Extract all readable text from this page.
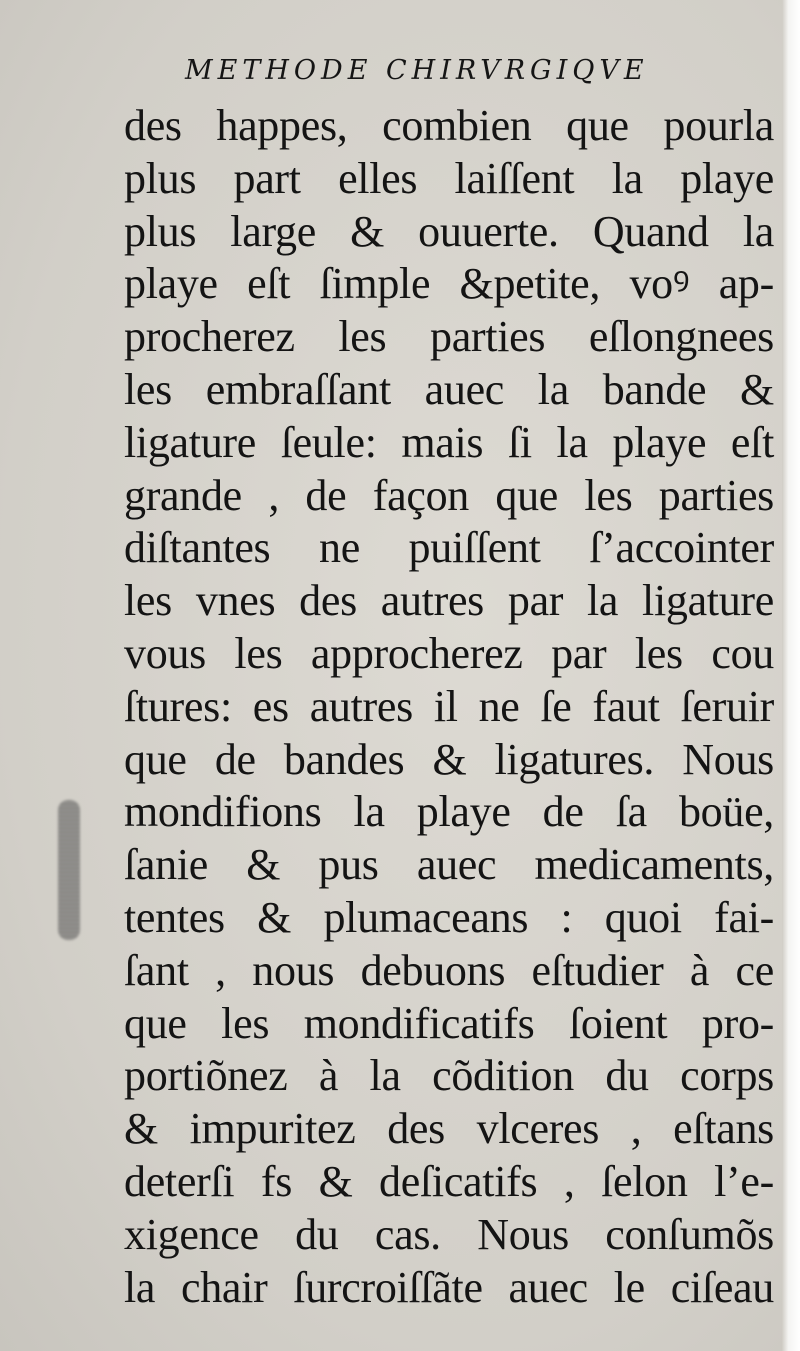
METHODE CHIRVRGIQVE
des happes, combien que pourla
plus part elles laiſſent la playe
plus large & ouuerte. Quand la
playe eſt ſimple &petite, voꝰ ap-
procherez les parties eſlongnees
les embraſſant auec la bande &
ligature ſeule: mais ſi la playe eſt
grande , de façon que les parties
diſtantes ne puiſſent ſ’accointer
les vnes des autres par la ligature
vous les approcherez par les cou
ſtures: es autres il ne ſe faut ſeruir
que de bandes & ligatures. Nous
mondifions la playe de ſa boüe,
ſanie & pus auec medicaments,
tentes & plumaceans : quoi fai-
ſant , nous debuons eſtudier à ce
que les mondificatifs ſoient pro-
portiõnez à la cõdition du corps
& impuritez des vlceres , eſtans
deterſi fs & deſicatifs , ſelon l’e-
xigence du cas. Nous conſumõs
la chair ſurcroiſſãte auec le ciſeau
